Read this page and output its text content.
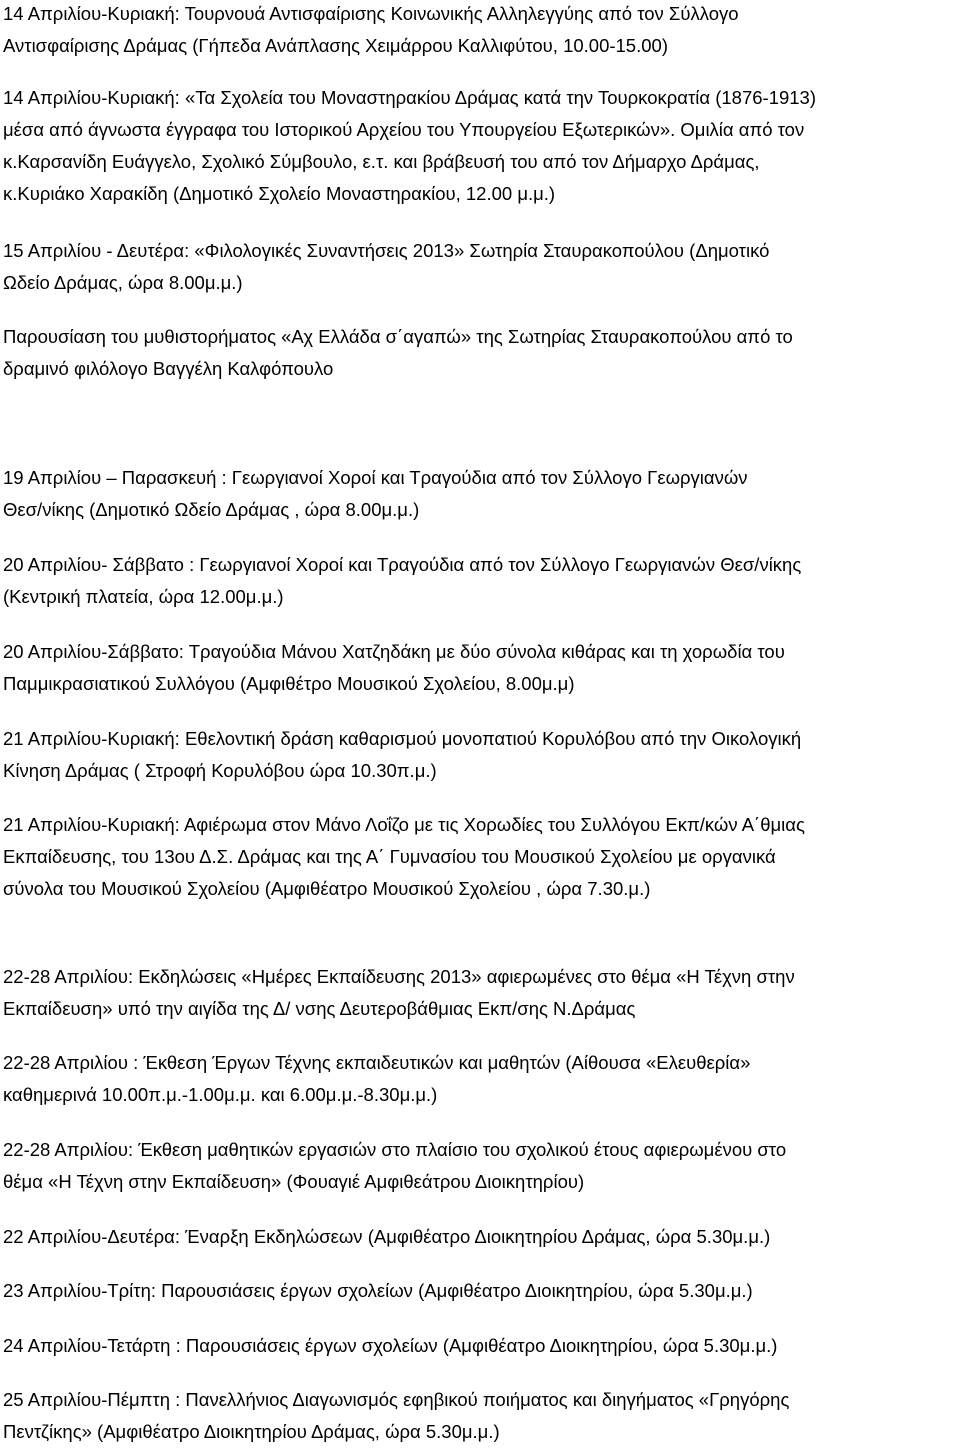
14 Απριλίου-Κυριακή: Τουρνουά Αντισφαίρισης Κοινωνικής Αλληλεγγύης από τον Σύλλογο
Αντισφαίρισης Δράμας (Γήπεδα Ανάπλασης Χειμάρρου Καλλιφύτου, 10.00-15.00)

14 Απριλίου-Κυριακή: «Τα Σχολεία του Μοναστηρακίου Δράμας κατά την Τουρκοκρατία (1876-1913)
μέσα από άγνωστα έγγραφα του Ιστορικού Αρχείου του Υπουργείου Εξωτερικών». Ομιλία από τον
κ.Καρσανίδη Ευάγγελο, Σχολικό Σύμβουλο, ε.τ. και βράβευσή του από τον Δήμαρχο Δράμας,
κ.Κυριάκο Χαρακίδη (Δημοτικό Σχολείο Μοναστηρακίου, 12.00 μ.μ.)

15 Απριλίου - Δευτέρα: «Φιλολογικές Συναντήσεις 2013» Σωτηρία Σταυρακοπούλου (Δημοτικό
Ωδείο Δράμας, ώρα 8.00μ.μ.)

Παρουσίαση του μυθιστορήματος «Αχ Ελλάδα σ΄αγαπώ» της Σωτηρίας Σταυρακοπούλου από το
δραμινό φιλόλογο Βαγγέλη Καλφόπουλο

19 Απριλίου – Παρασκευή : Γεωργιανοί Χοροί και Τραγούδια από τον Σύλλογο Γεωργιανών
Θεσ/νίκης (Δημοτικό Ωδείο Δράμας , ώρα 8.00μ.μ.)

20 Απριλίου- Σάββατο : Γεωργιανοί Χοροί και Τραγούδια από τον Σύλλογο Γεωργιανών Θεσ/νίκης
(Κεντρική πλατεία, ώρα 12.00μ.μ.)

20 Απριλίου-Σάββατο: Τραγούδια Μάνου Χατζηδάκη με δύο σύνολα κιθάρας και τη χορωδία του
Παμμικρασιατικού Συλλόγου (Αμφιθέτρο Μουσικού Σχολείου, 8.00μ.μ)

21 Απριλίου-Κυριακή: Εθελοντική δράση καθαρισμού μονοπατιού Κορυλόβου από την Οικολογική
Κίνηση Δράμας ( Στροφή Κορυλόβου ώρα 10.30π.μ.)

21 Απριλίου-Κυριακή: Αφιέρωμα στον Μάνο Λοΐζο με τις Χορωδίες του Συλλόγου Εκπ/κών Α΄θμιας
Εκπαίδευσης, του 13ου Δ.Σ. Δράμας και της Α΄ Γυμνασίου του Μουσικού Σχολείου με οργανικά
σύνολα του Μουσικού Σχολείου (Αμφιθέατρο Μουσικού Σχολείου , ώρα 7.30.μ.)

22-28 Απριλίου: Εκδηλώσεις «Ημέρες Εκπαίδευσης 2013» αφιερωμένες στο θέμα «Η Τέχνη στην
Εκπαίδευση» υπό την αιγίδα της Δ/ νσης Δευτεροβάθμιας Εκπ/σης Ν.Δράμας

22-28 Απριλίου : Έκθεση Έργων Τέχνης εκπαιδευτικών και μαθητών (Αίθουσα «Ελευθερία»
καθημερινά 10.00π.μ.-1.00μ.μ. και 6.00μ.μ.-8.30μ.μ.)

22-28 Απριλίου: Έκθεση μαθητικών εργασιών στο πλαίσιο του σχολικού έτους αφιερωμένου στο
θέμα «Η Τέχνη στην Εκπαίδευση» (Φουαγιέ Αμφιθεάτρου Διοικητηρίου)

22 Απριλίου-Δευτέρα: Έναρξη Εκδηλώσεων (Αμφιθέατρο Διοικητηρίου Δράμας, ώρα 5.30μ.μ.)

23 Απριλίου-Τρίτη: Παρουσιάσεις έργων σχολείων (Αμφιθέατρο Διοικητηρίου, ώρα 5.30μ.μ.)

24 Απριλίου-Τετάρτη : Παρουσιάσεις έργων σχολείων (Αμφιθέατρο Διοικητηρίου, ώρα 5.30μ.μ.)

25 Απριλίου-Πέμπτη : Πανελλήνιος Διαγωνισμός εφηβικού ποιήματος και διηγήματος «Γρηγόρης
Πεντζίκης» (Αμφιθέατρο Διοικητηρίου Δράμας, ώρα 5.30μ.μ.)
